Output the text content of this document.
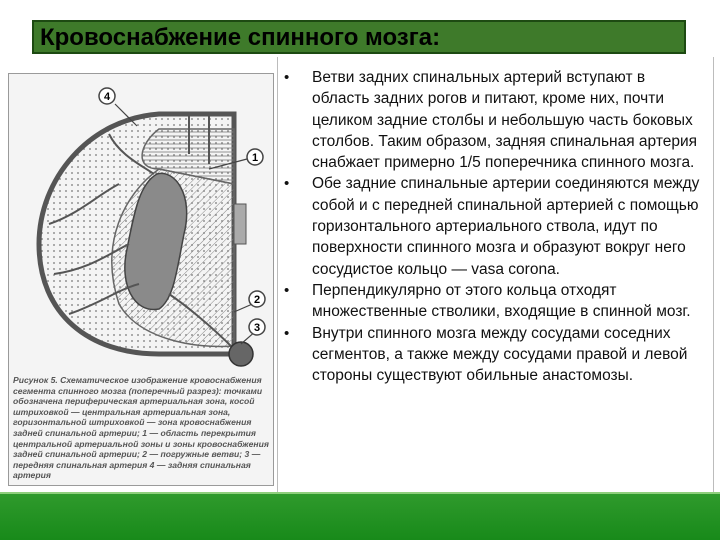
Кровоснабжение спинного мозга:
4
1
2
3
Рисунок 5. Схематическое изображение кровоснабжения сегмента спинного мозга (поперечный разрез): точками обозначена периферическая артериальная зона, косой штриховкой — центральная артериальная зона, горизонтальной штриховкой — зона кровоснабжения задней спинальной артерии; 1 — область перекрытия центральной артериальной зоны и зоны кровоснабжения задней спинальной артерии; 2 — погружные ветви; 3 — передняя спинальная артерия 4 — задняя спинальная артерия
• Ветви задних спинальных артерий вступают в область задних рогов и питают, кроме них, почти целиком задние столбы и небольшую часть боковых столбов. Таким образом, задняя спинальная артерия снабжает примерно 1/5 поперечника спинного мозга.
• Обе задние спинальные артерии соединяются между собой и с передней спинальной артерией с помощью горизонтального артериального ствола, идут по поверхности спинного мозга и образуют вокруг него сосудистое кольцо — vasa corona.
• Перпендикулярно от этого кольца отходят множественные стволики, входящие в спинной мозг.
• Внутри спинного мозга между сосудами соседних сегментов, а также между сосудами правой и левой стороны существуют обильные анастомозы.
